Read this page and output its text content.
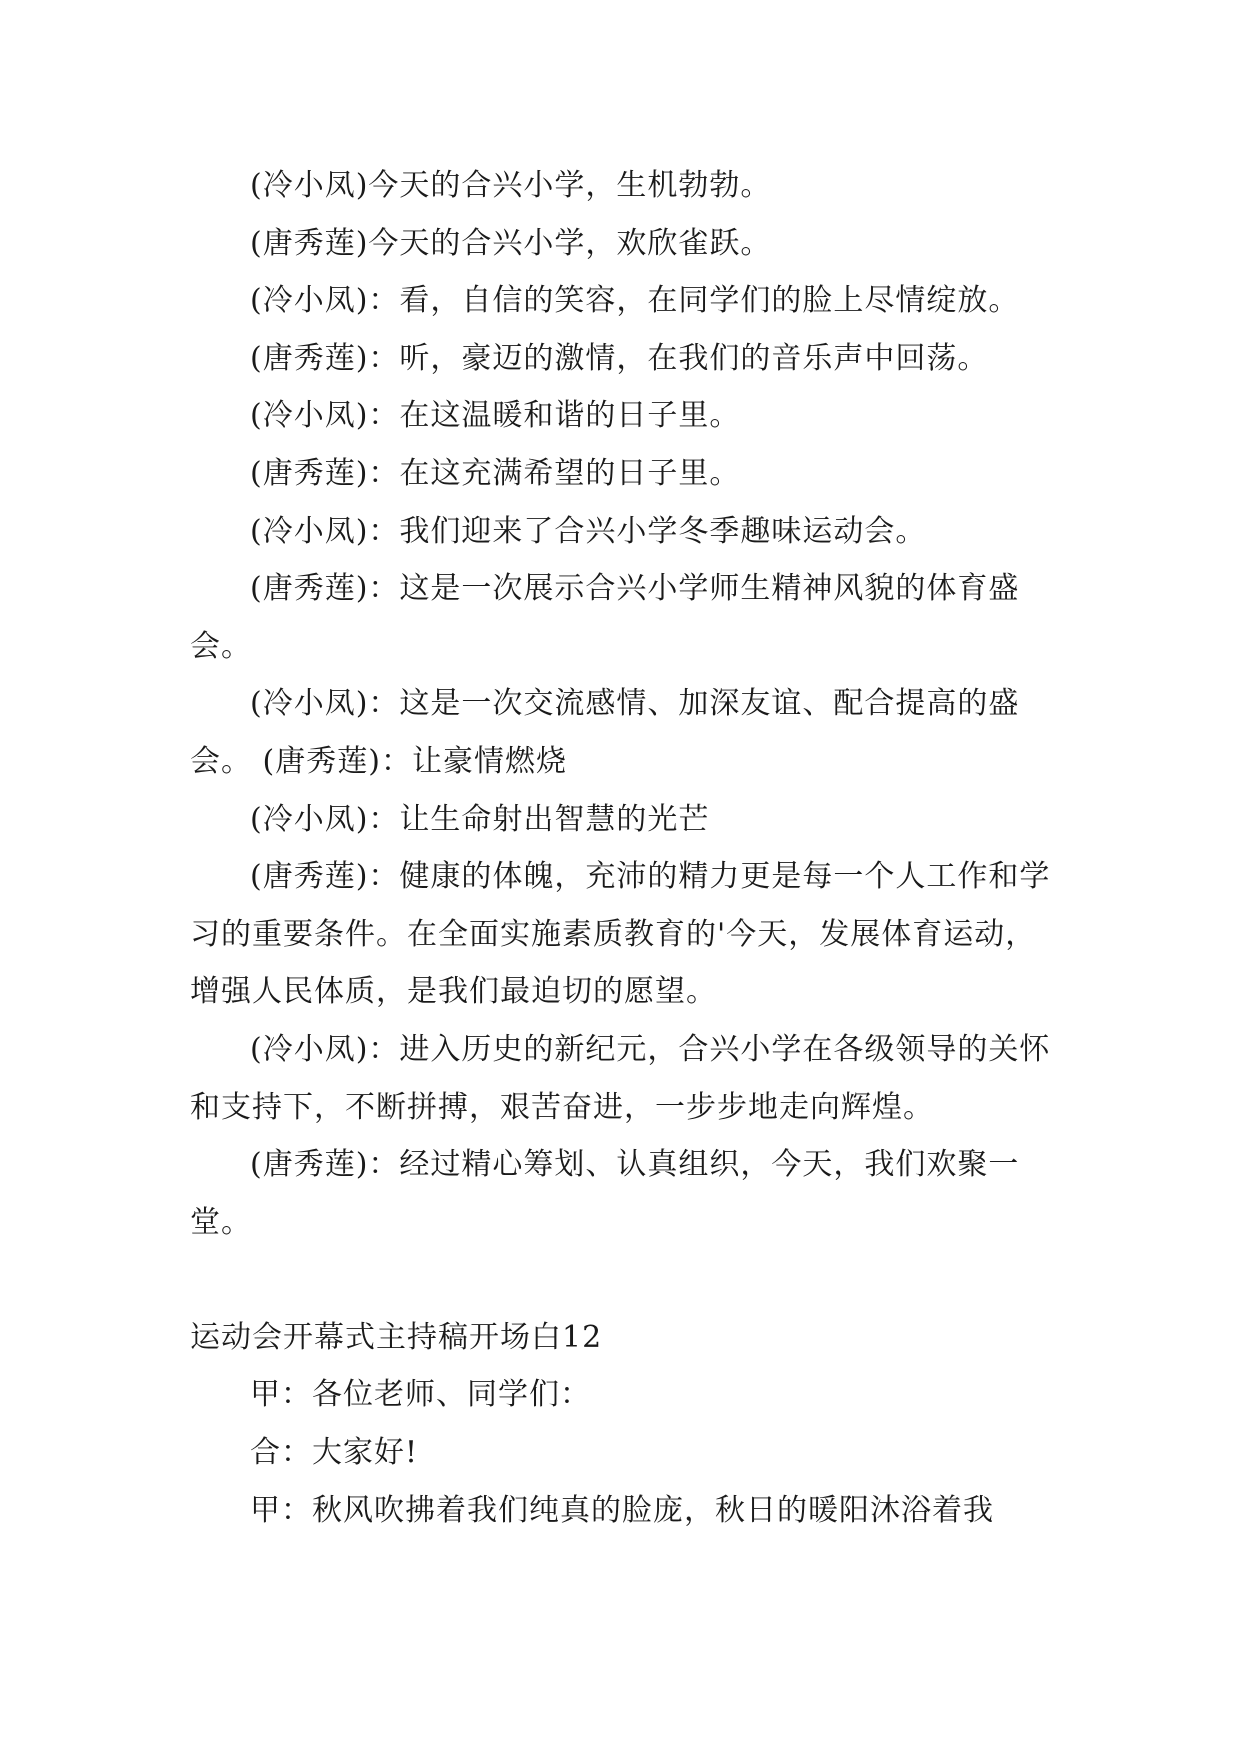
(冷小凤)今天的合兴小学，生机勃勃。

(唐秀莲)今天的合兴小学，欢欣雀跃。

(冷小凤)：看，自信的笑容，在同学们的脸上尽情绽放。

(唐秀莲)：听，豪迈的激情，在我们的音乐声中回荡。

(冷小凤)：在这温暖和谐的日子里。

(唐秀莲)：在这充满希望的日子里。

(冷小凤)：我们迎来了合兴小学冬季趣味运动会。

(唐秀莲)：这是一次展示合兴小学师生精神风貌的体育盛会。

(冷小凤)：这是一次交流感情、加深友谊、配合提高的盛会。 (唐秀莲)：让豪情燃烧

(冷小凤)：让生命射出智慧的光芒

(唐秀莲)：健康的体魄，充沛的精力更是每一个人工作和学习的重要条件。在全面实施素质教育的'今天，发展体育运动，增强人民体质，是我们最迫切的愿望。

(冷小凤)：进入历史的新纪元，合兴小学在各级领导的关怀和支持下，不断拼搏，艰苦奋进，一步步地走向辉煌。

(唐秀莲)：经过精心筹划、认真组织，今天，我们欢聚一堂。

运动会开幕式主持稿开场白12

甲：各位老师、同学们：

合：大家好!

甲：秋风吹拂着我们纯真的脸庞，秋日的暖阳沐浴着我
